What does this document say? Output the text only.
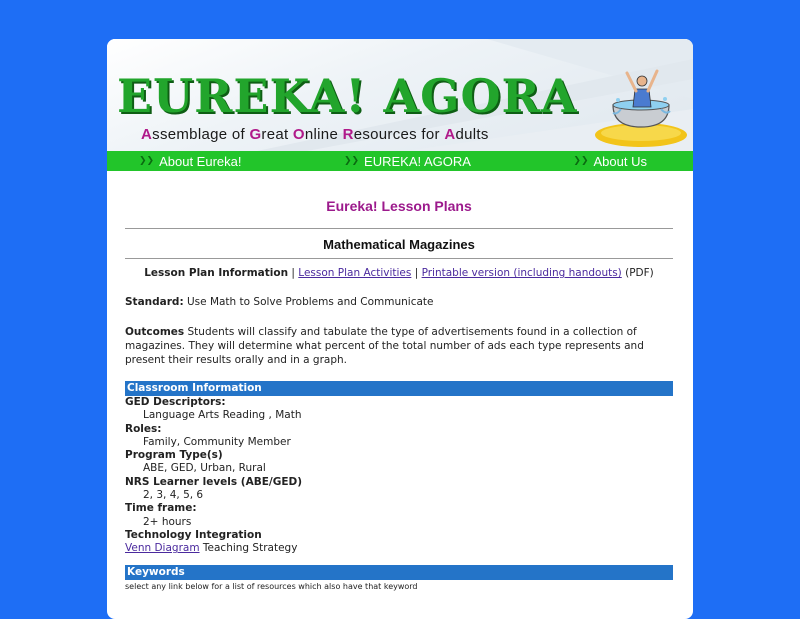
EUREKA! AGORA
Assemblage of Great Online Resources for Adults
❯❯ About Eureka!	❯❯ EUREKA! AGORA	❯❯ About Us
Eureka! Lesson Plans
Mathematical Magazines
Lesson Plan Information | Lesson Plan Activities | Printable version (including handouts) (PDF)
Standard: Use Math to Solve Problems and Communicate
Outcomes Students will classify and tabulate the type of advertisements found in a collection of magazines. They will determine what percent of the total number of ads each type represents and present their results orally and in a graph.
Classroom Information
GED Descriptors:
Language Arts Reading , Math
Roles:
Family, Community Member
Program Type(s)
ABE, GED, Urban, Rural
NRS Learner levels (ABE/GED)
2, 3, 4, 5, 6
Time frame:
2+ hours
Technology Integration
Venn Diagram Teaching Strategy
Keywords
select any link below for a list of resources which also have that keyword
